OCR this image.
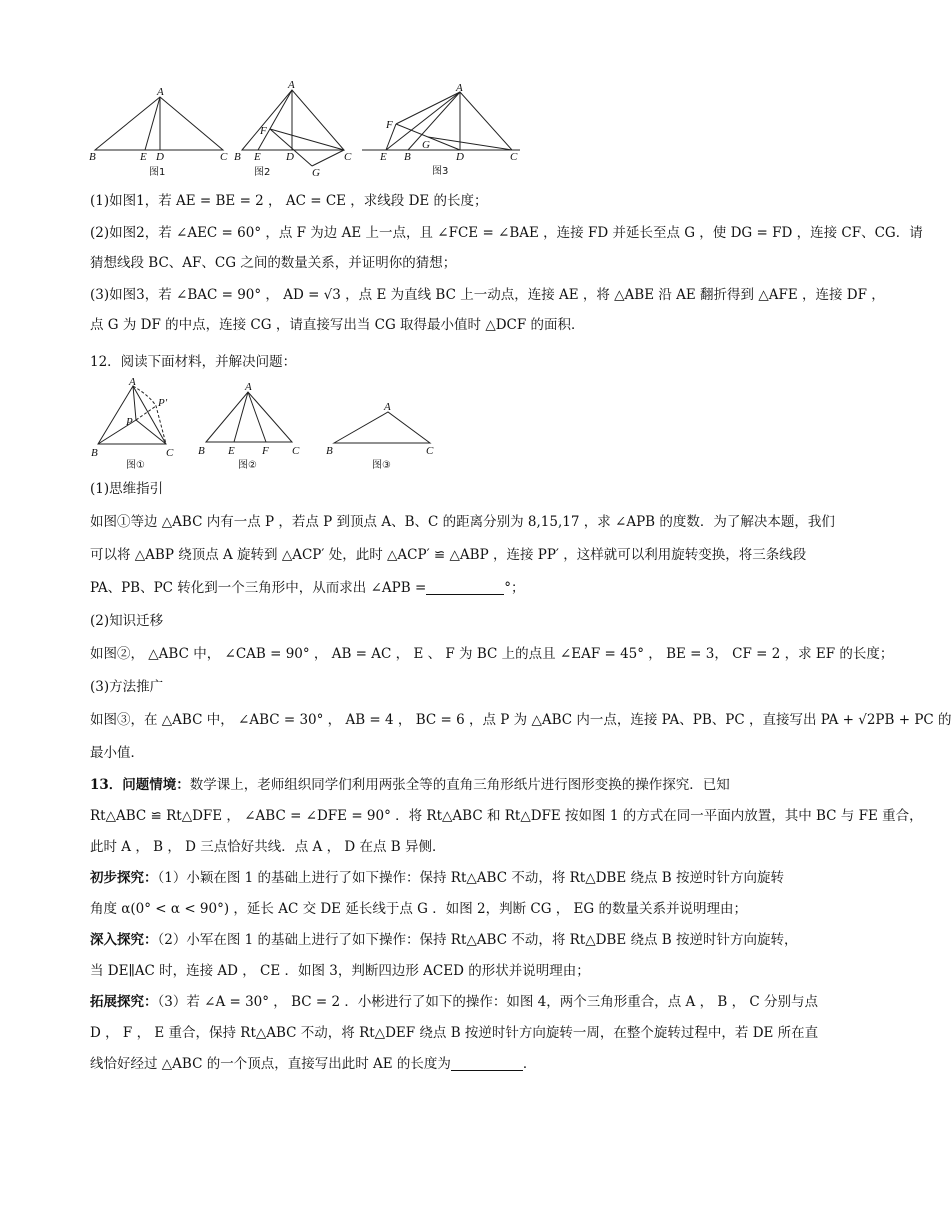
A
B	E D	C
图1
A
F
B E D	C
G
图2
A
F
E B
G
D	C
图3
(1)如图1，若 AE = BE = 2 ， AC = CE ，求线段 DE 的长度；
(2)如图2，若 ∠AEC = 60° ，点 F 为边 AE 上一点，且 ∠FCE = ∠BAE ，连接 FD 并延长至点 G ，使 DG = FD ，连接 CF、CG．请
猜想线段 BC、AF、CG 之间的数量关系，并证明你的猜想；
(3)如图3，若 ∠BAC = 90° ， AD = √3 ，点 E 为直线 BC 上一动点，连接 AE ，将 △ABE 沿 AE 翻折得到 △AFE ，连接 DF ，
点 G 为 DF 的中点，连接 CG ，请直接写出当 CG 取得最小值时 △DCF 的面积．
12．阅读下面材料，并解决问题：
A
P′
P
B	C
图①
A
B E F C
图②
A
B	C
图③
(1)思维指引
如图①等边 △ABC 内有一点 P ，若点 P 到顶点 A、B、C 的距离分别为 8,15,17 ，求 ∠APB 的度数．为了解决本题，我们
可以将 △ABP 绕顶点 A 旋转到 △ACP′ 处，此时 △ACP′ ≌ △ABP ，连接 PP′ ，这样就可以利用旋转变换，将三条线段
PA、PB、PC 转化到一个三角形中，从而求出 ∠APB =	°；
(2)知识迁移
如图②， △ABC 中， ∠CAB = 90° ， AB = AC ， E 、 F 为 BC 上的点且 ∠EAF = 45° ， BE = 3， CF = 2 ，求 EF 的长度；
(3)方法推广
如图③，在 △ABC 中， ∠ABC = 30° ， AB = 4 ， BC = 6 ，点 P 为 △ABC 内一点，连接 PA、PB、PC ，直接写出 PA + √2PB + PC 的
最小值．
13．问题情境：数学课上，老师组织同学们利用两张全等的直角三角形纸片进行图形变换的操作探究．已知
Rt△ABC ≌ Rt△DFE ， ∠ABC = ∠DFE = 90° ．将 Rt△ABC 和 Rt△DFE 按如图 1 的方式在同一平面内放置，其中 BC 与 FE 重合，
此时 A ， B ， D 三点恰好共线．点 A ， D 在点 B 异侧．
初步探究：（1）小颖在图 1 的基础上进行了如下操作：保持 Rt△ABC 不动，将 Rt△DBE 绕点 B 按逆时针方向旋转
角度 α(0° < α < 90°) ，延长 AC 交 DE 延长线于点 G ．如图 2，判断 CG ， EG 的数量关系并说明理由；
深入探究：（2）小军在图 1 的基础上进行了如下操作：保持 Rt△ABC 不动，将 Rt△DBE 绕点 B 按逆时针方向旋转，
当 DE∥AC 时，连接 AD ， CE ．如图 3，判断四边形 ACED 的形状并说明理由；
拓展探究：（3）若 ∠A = 30° ， BC = 2 ．小彬进行了如下的操作：如图 4，两个三角形重合，点 A ， B ， C 分别与点
D ， F ， E 重合，保持 Rt△ABC 不动，将 Rt△DEF 绕点 B 按逆时针方向旋转一周，在整个旋转过程中，若 DE 所在直
线恰好经过 △ABC 的一个顶点，直接写出此时 AE 的长度为	．
